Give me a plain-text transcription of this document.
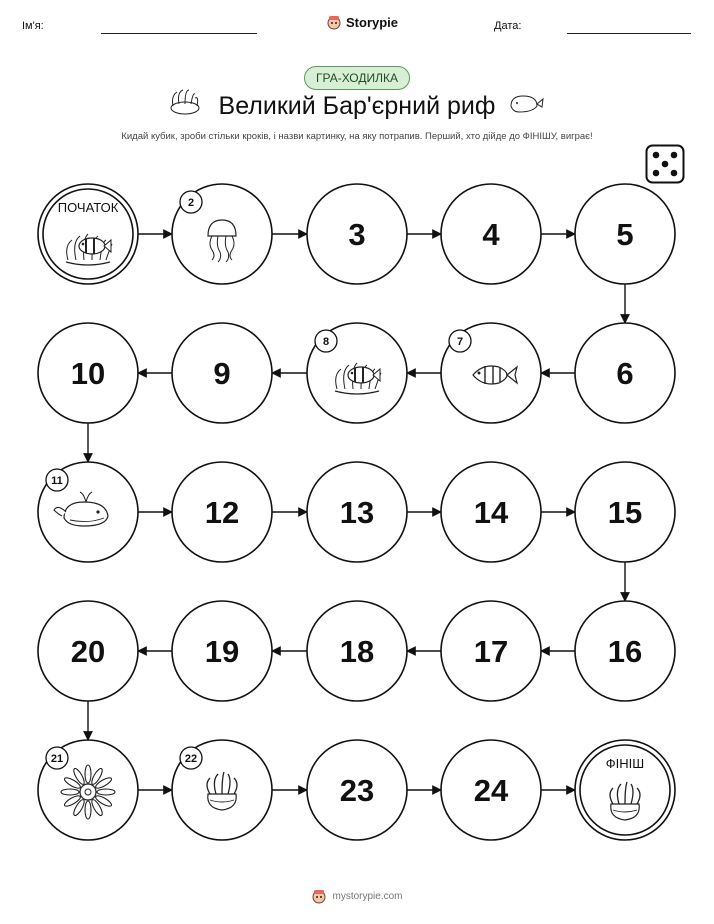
Ім'я:	Storypie	Дата:
ГРА-ХОДИЛКА
Великий Бар'єрний риф
Кидай кубик, зроби стільки кроків, і назви картинку, на яку потрапив. Перший, хто дійде до ФІНІШУ, виграє!
ПОЧАТОК	2
3	4	5
6
7
8
9
10
11
12	13	14	15
16
17
18
19
20
21	22
23	24
ФІНІШ
mystorypie.com
